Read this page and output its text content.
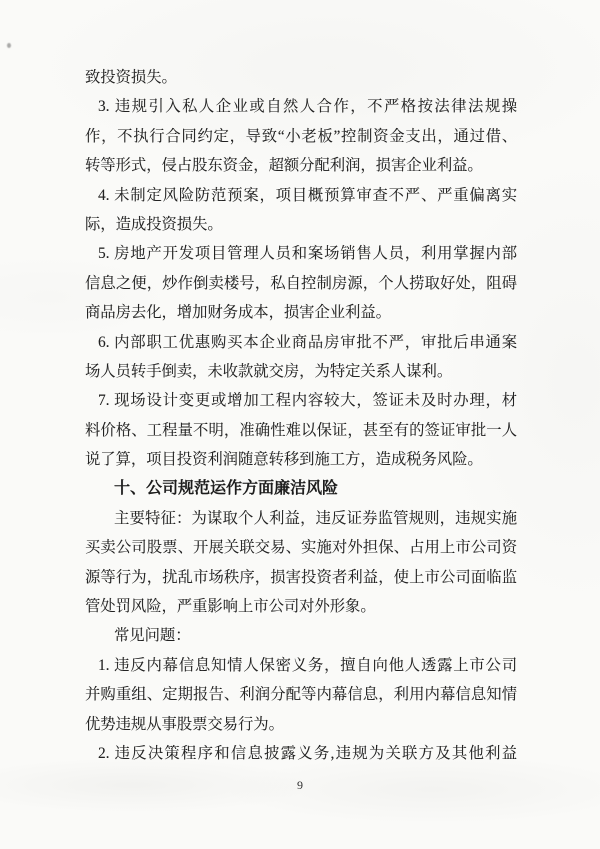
致投资损失。
3. 违规引入私人企业或自然人合作，不严格按法律法规操
作，不执行合同约定，导致“小老板”控制资金支出，通过借、
转等形式，侵占股东资金，超额分配利润，损害企业利益。
4. 未制定风险防范预案，项目概预算审查不严、严重偏离实
际，造成投资损失。
5. 房地产开发项目管理人员和案场销售人员，利用掌握内部
信息之便，炒作倒卖楼号，私自控制房源，个人捞取好处，阻碍
商品房去化，增加财务成本，损害企业利益。
6. 内部职工优惠购买本企业商品房审批不严，审批后串通案
场人员转手倒卖，未收款就交房，为特定关系人谋利。
7. 现场设计变更或增加工程内容较大，签证未及时办理，材
料价格、工程量不明，准确性难以保证，甚至有的签证审批一人
说了算，项目投资利润随意转移到施工方，造成税务风险。
十、公司规范运作方面廉洁风险
主要特征：为谋取个人利益，违反证券监管规则，违规实施
买卖公司股票、开展关联交易、实施对外担保、占用上市公司资
源等行为，扰乱市场秩序，损害投资者利益，使上市公司面临监
管处罚风险，严重影响上市公司对外形象。
常见问题：
1. 违反内幕信息知情人保密义务，擅自向他人透露上市公司
并购重组、定期报告、利润分配等内幕信息，利用内幕信息知情
优势违规从事股票交易行为。
2. 违反决策程序和信息披露义务,违规为关联方及其他利益
9
